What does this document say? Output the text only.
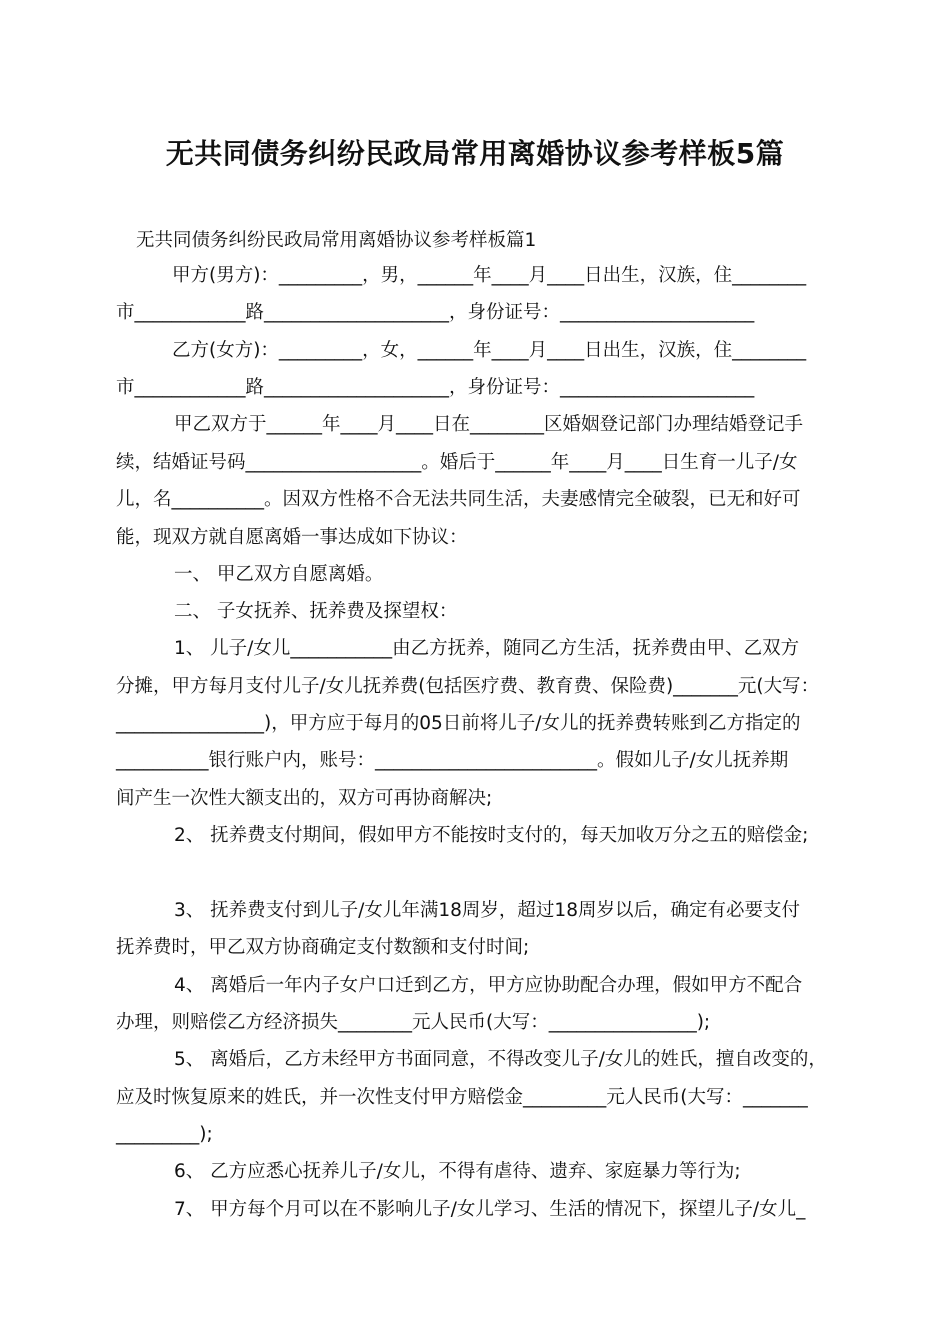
无共同债务纠纷民政局常用离婚协议参考样板5篇
无共同债务纠纷民政局常用离婚协议参考样板篇1
甲方(男方)：_________，男，______年____月____日出生，汉族，住________
市____________路____________________，身份证号：_____________________
乙方(女方)：_________，女，______年____月____日出生，汉族，住________
市____________路____________________，身份证号：_____________________
甲乙双方于______年____月____日在________区婚姻登记部门办理结婚登记手
续，结婚证号码___________________。婚后于______年____月____日生育一儿子/女
儿，名__________。因双方性格不合无法共同生活，夫妻感情完全破裂，已无和好可
能，现双方就自愿离婚一事达成如下协议：
一、 甲乙双方自愿离婚。
二、 子女抚养、抚养费及探望权：
1、 儿子/女儿___________由乙方抚养，随同乙方生活，抚养费由甲、乙双方
分摊，甲方每月支付儿子/女儿抚养费(包括医疗费、教育费、保险费)_______元(大写：
________________)，甲方应于每月的05日前将儿子/女儿的抚养费转账到乙方指定的
__________银行账户内，账号：________________________。假如儿子/女儿抚养期
间产生一次性大额支出的，双方可再协商解决;
2、 抚养费支付期间，假如甲方不能按时支付的，每天加收万分之五的赔偿金;
3、 抚养费支付到儿子/女儿年满18周岁，超过18周岁以后，确定有必要支付
抚养费时，甲乙双方协商确定支付数额和支付时间;
4、 离婚后一年内子女户口迁到乙方，甲方应协助配合办理，假如甲方不配合
办理，则赔偿乙方经济损失________元人民币(大写：________________);
5、 离婚后，乙方未经甲方书面同意，不得改变儿子/女儿的姓氏，擅自改变的，
应及时恢复原来的姓氏，并一次性支付甲方赔偿金_________元人民币(大写：_______
_________);
6、 乙方应悉心抚养儿子/女儿，不得有虐待、遗弃、家庭暴力等行为;
7、 甲方每个月可以在不影响儿子/女儿学习、生活的情况下，探望儿子/女儿_
